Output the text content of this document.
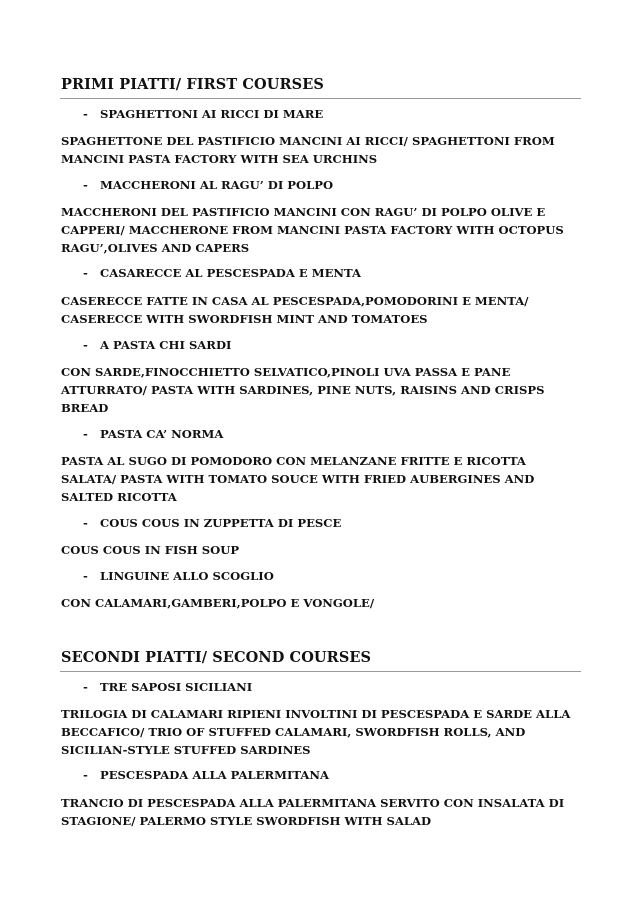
PRIMI PIATTI/ FIRST COURSES
- SPAGHETTONI AI RICCI DI MARE
SPAGHETTONE DEL PASTIFICIO MANCINI AI RICCI/ SPAGHETTONI FROM MANCINI PASTA FACTORY WITH SEA URCHINS
- MACCHERONI AL RAGU’ DI POLPO
MACCHERONI DEL PASTIFICIO MANCINI CON RAGU’ DI POLPO OLIVE E CAPPERI/ MACCHERONE FROM MANCINI PASTA FACTORY WITH OCTOPUS RAGU’,OLIVES AND CAPERS
- CASARECCE AL PESCESPADA E MENTA
CASERECCE FATTE IN CASA AL PESCESPADA,POMODORINI E MENTA/ CASERECCE WITH SWORDFISH MINT AND TOMATOES
- A PASTA CHI SARDI
CON SARDE,FINOCCHIETTO SELVATICO,PINOLI UVA PASSA E PANE ATTURRATO/ PASTA WITH SARDINES, PINE NUTS, RAISINS AND CRISPS BREAD
- PASTA CA’ NORMA
PASTA AL SUGO DI POMODORO CON MELANZANE FRITTE E RICOTTA SALATA/ PASTA WITH TOMATO SOUCE WITH FRIED AUBERGINES AND SALTED RICOTTA
- COUS COUS IN ZUPPETTA DI PESCE
COUS COUS IN FISH SOUP
- LINGUINE ALLO SCOGLIO
CON CALAMARI,GAMBERI,POLPO E VONGOLE/
SECONDI PIATTI/ SECOND COURSES
- TRE SAPOSI SICILIANI
TRILOGIA DI CALAMARI RIPIENI INVOLTINI DI PESCESPADA E SARDE ALLA BECCAFICO/ TRIO OF STUFFED CALAMARI, SWORDFISH ROLLS, AND SICILIAN-STYLE STUFFED SARDINES
- PESCESPADA ALLA PALERMITANA
TRANCIO DI PESCESPADA ALLA PALERMITANA SERVITO CON INSALATA DI STAGIONE/ PALERMO STYLE SWORDFISH WITH SALAD
